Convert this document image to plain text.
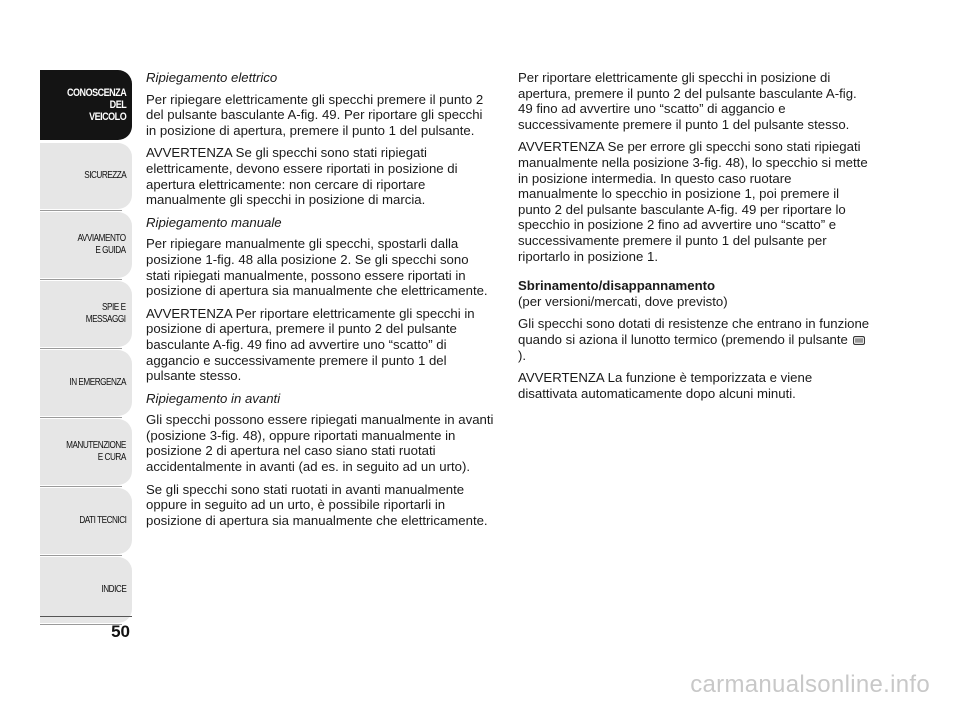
CONOSCENZA
DEL
VEICOLO
SICUREZZA
AVVIAMENTO
E GUIDA
SPIE E
MESSAGGI
IN EMERGENZA
MANUTENZIONE
E CURA
DATI TECNICI
INDICE
50

Ripiegamento elettrico

Per ripiegare elettricamente gli specchi premere il punto 2 del pulsante basculante A-fig. 49. Per riportare gli specchi in posizione di apertura, premere il punto 1 del pulsante.

AVVERTENZA Se gli specchi sono stati ripiegati elettricamente, devono essere riportati in posizione di apertura elettricamente: non cercare di riportare manualmente gli specchi in posizione di marcia.

Ripiegamento manuale

Per ripiegare manualmente gli specchi, spostarli dalla posizione 1-fig. 48 alla posizione 2. Se gli specchi sono stati ripiegati manualmente, possono essere riportati in posizione di apertura sia manualmente che elettricamente.

AVVERTENZA Per riportare elettricamente gli specchi in posizione di apertura, premere il punto 2 del pulsante basculante A-fig. 49 fino ad avvertire uno “scatto” di aggancio e successivamente premere il punto 1 del pulsante stesso.

Ripiegamento in avanti

Gli specchi possono essere ripiegati manualmente in avanti (posizione 3-fig. 48), oppure riportati manualmente in posizione 2 di apertura nel caso siano stati ruotati accidentalmente in avanti (ad es. in seguito ad un urto).

Se gli specchi sono stati ruotati in avanti manualmente oppure in seguito ad un urto, è possibile riportarli in posizione di apertura sia manualmente che elettricamente.

Per riportare elettricamente gli specchi in posizione di apertura, premere il punto 2 del pulsante basculante A-fig. 49 fino ad avvertire uno “scatto” di aggancio e successivamente premere il punto 1 del pulsante stesso.

AVVERTENZA Se per errore gli specchi sono stati ripiegati manualmente nella posizione 3-fig. 48), lo specchio si mette in posizione intermedia. In questo caso ruotare manualmente lo specchio in posizione 1, poi premere il punto 2 del pulsante basculante A-fig. 49 per riportare lo specchio in posizione 2 fino ad avvertire uno “scatto” e successivamente premere il punto 1 del pulsante per riportarlo in posizione 1.

Sbrinamento/disappannamento

(per versioni/mercati, dove previsto)

Gli specchi sono dotati di resistenze che entrano in funzione quando si aziona il lunotto termico (premendo il pulsante ).

AVVERTENZA La funzione è temporizzata e viene disattivata automaticamente dopo alcuni minuti.

carmanualsonline.info
